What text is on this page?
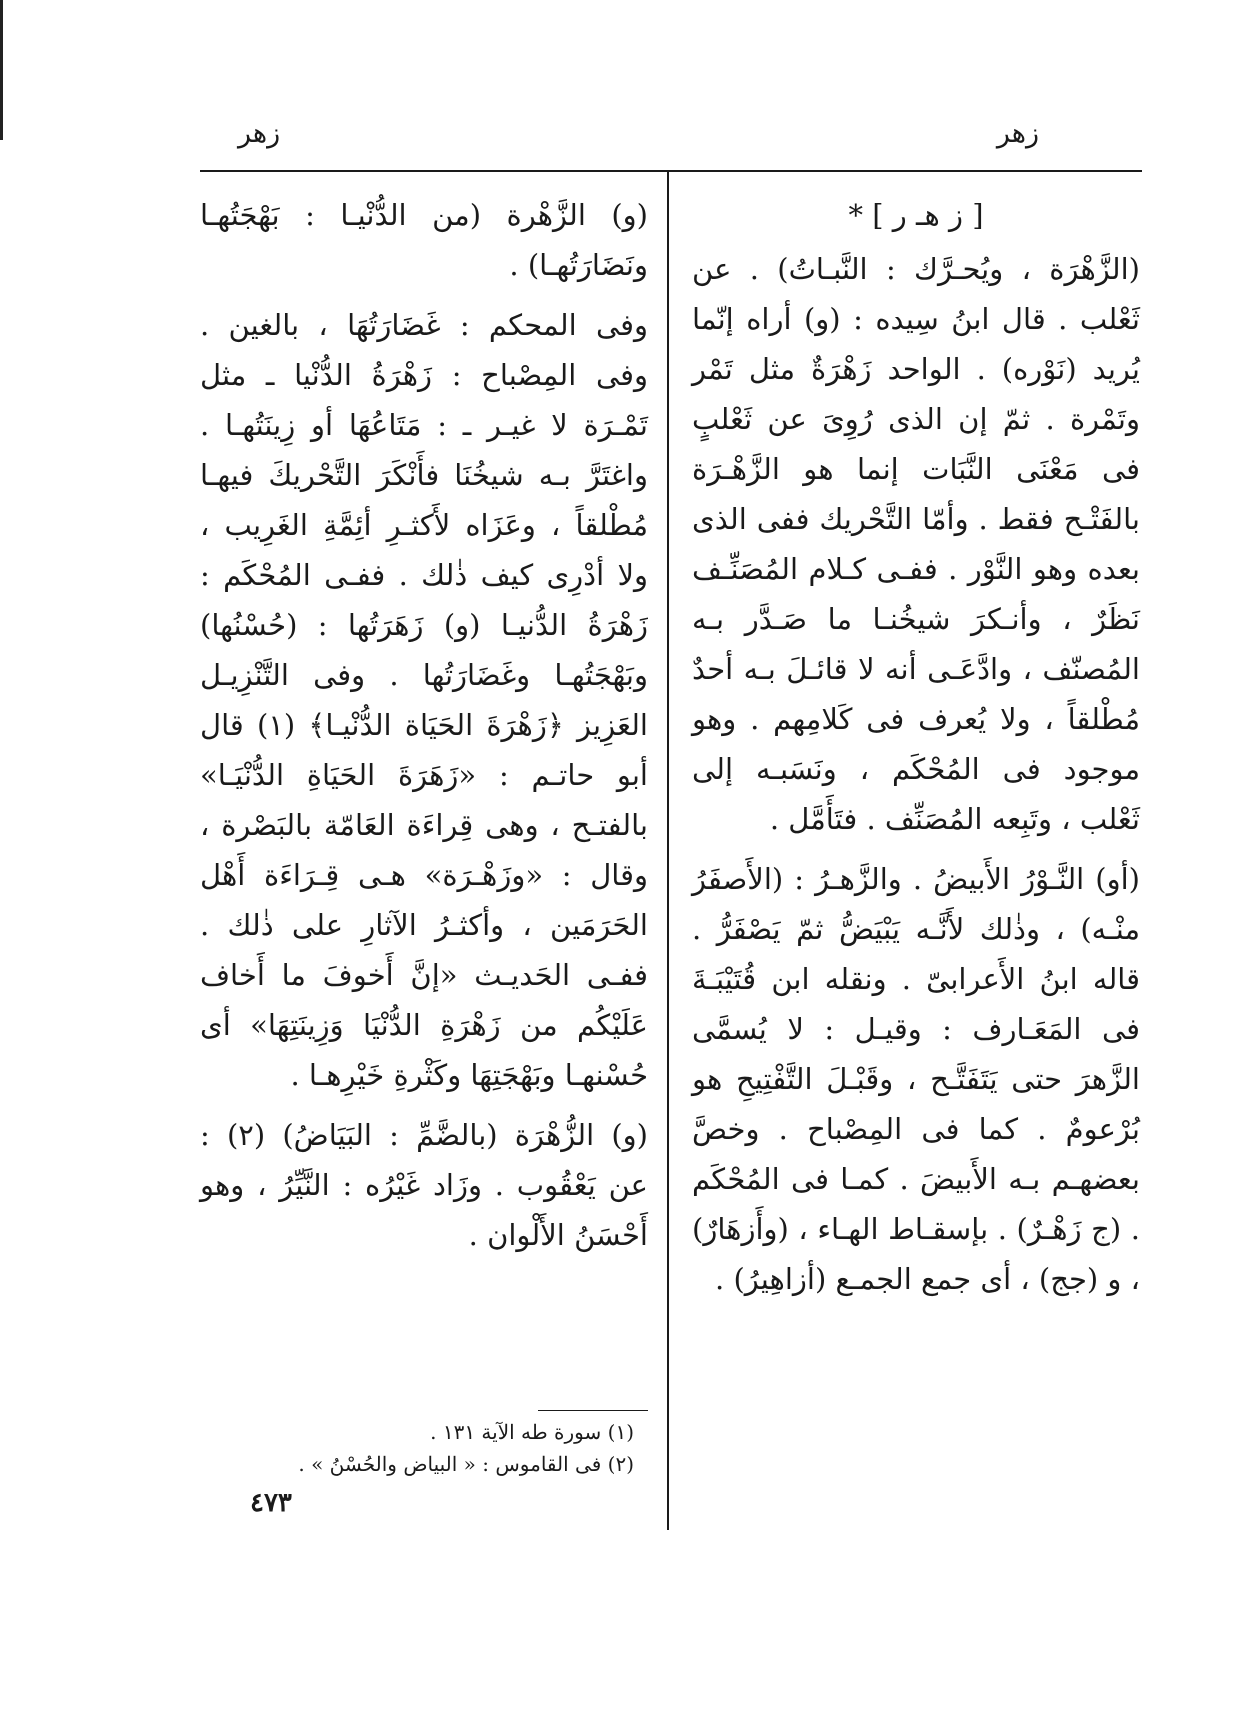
زهر
زهر

[ ز هـ ر ] *

(الزَّهْرَة ، ويُحـرَّك : النَّبـاتُ) . عن ثَعْلب . قال ابنُ سِيده : (و) أراه إنّما يُريد (نَوْره) . الواحد زَهْرَةٌ مثل تَمْر وتَمْرة . ثمّ إن الذى رُوِىَ عن ثَعْلبٍ فى مَعْنَى النَّبَات إنما هو الزَّهْـرَة بالفَتْـح فقط . وأمّا التَّحْريك ففى الذى بعده وهو النَّوْر . ففـى كـلام المُصَنِّـف نَظَرٌ ، وأنـكرَ شيخُنـا ما صَـدَّر بـه المُصنّف ، وادَّعَـى أنه لا قائـلَ بـه أحدٌ مُطْلقاً ، ولا يُعرف فى كَلامِهم . وهو موجود فى المُحْكَم ، ونَسَبـه إلى ثَعْلب ، وتَبِعه المُصَنِّف . فتَأَمَّل .

(أو) النَّـوْرُ الأَبيضُ . والزَّهـرُ : (الأَصفَرُ منْـه) ، وذٰلك لأَنَّـه يَبْيَضُّ ثمّ يَصْفَرُّ . قاله ابنُ الأَعرابىّ . ونقله ابن قُتَيْبَـةَ فى المَعَـارف : وقيـل : لا يُسمَّى الزَّهرَ حتى يَتَفَتَّـح ، وقَبْـلَ التَّفْتِيحِ هو بُرْعومٌ . كما فى المِصْباح . وخصَّ بعضهـم بـه الأَبيضَ . كمـا فى المُحْكَم . (ج زَهْـرٌ) . بإسقـاط الهـاء ، (وأَزهَارٌ) ، و (جج) ، أى جمع الجمـع (أزاهِيرُ) .

(و) الزَّهْرة (من الدُّنْيـا : بَهْجَتُهـا ونَضَارَتُهـا) .

وفى المحكم : غَضَارَتُهَا ، بالغين . وفى المِصْباح : زَهْرَةُ الدُّنْيا ـ مثل تَمْـرَة لا غيـر ـ : مَتَاعُهَا أو زِينَتُهـا . واغتَرَّ بـه شيخُنَا فأَنْكَرَ التَّحْريكَ فيهـا مُطْلقاً ، وعَزَاه لأَكثـرِ أئِمَّةِ الغَرِيب ، ولا أدْرِى كيف ذٰلك . ففـى المُحْكَم : زَهْرَةُ الدُّنيـا (و) زَهَرَتُها : (حُسْنُها) وبَهْجَتُهـا وغَضَارَتُها . وفى التَّنْزِيـل العَزِيز ﴿زَهْرَةَ الحَيَاة الدُّنْيـا﴾ (١) قال أبو حاتـم : «زَهَرَةَ الحَيَاةِ الدُّنْيَـا» بالفتـح ، وهى قِراءَة العَامّة بالبَصْرة ، وقال : «وزَهْـرَة» هـى قِـرَاءَة أَهْل الحَرَمَين ، وأكثـرُ الآثارِ على ذٰلك . ففـى الحَديـث «إنَّ أَخوفَ ما أَخاف عَلَيْكُم من زَهْرَةِ الدُّنْيَا وَزِينَتِهَا» أى حُسْنهـا وبَهْجَتِهَا وكَثْرةِ خَيْرِهـا .

(و) الزُّهْرَة (بالضَّمِّ : البَيَاضُ) (٢) : عن يَعْقُوب . وزَاد غَيْرُه : النَّيِّرُ ، وهو أَحْسَنُ الأَلْوان .

(١) سورة طه الآية ١٣١ .

(٢) فى القاموس : « البياض والحُسْنُ » .

٤٧٣
